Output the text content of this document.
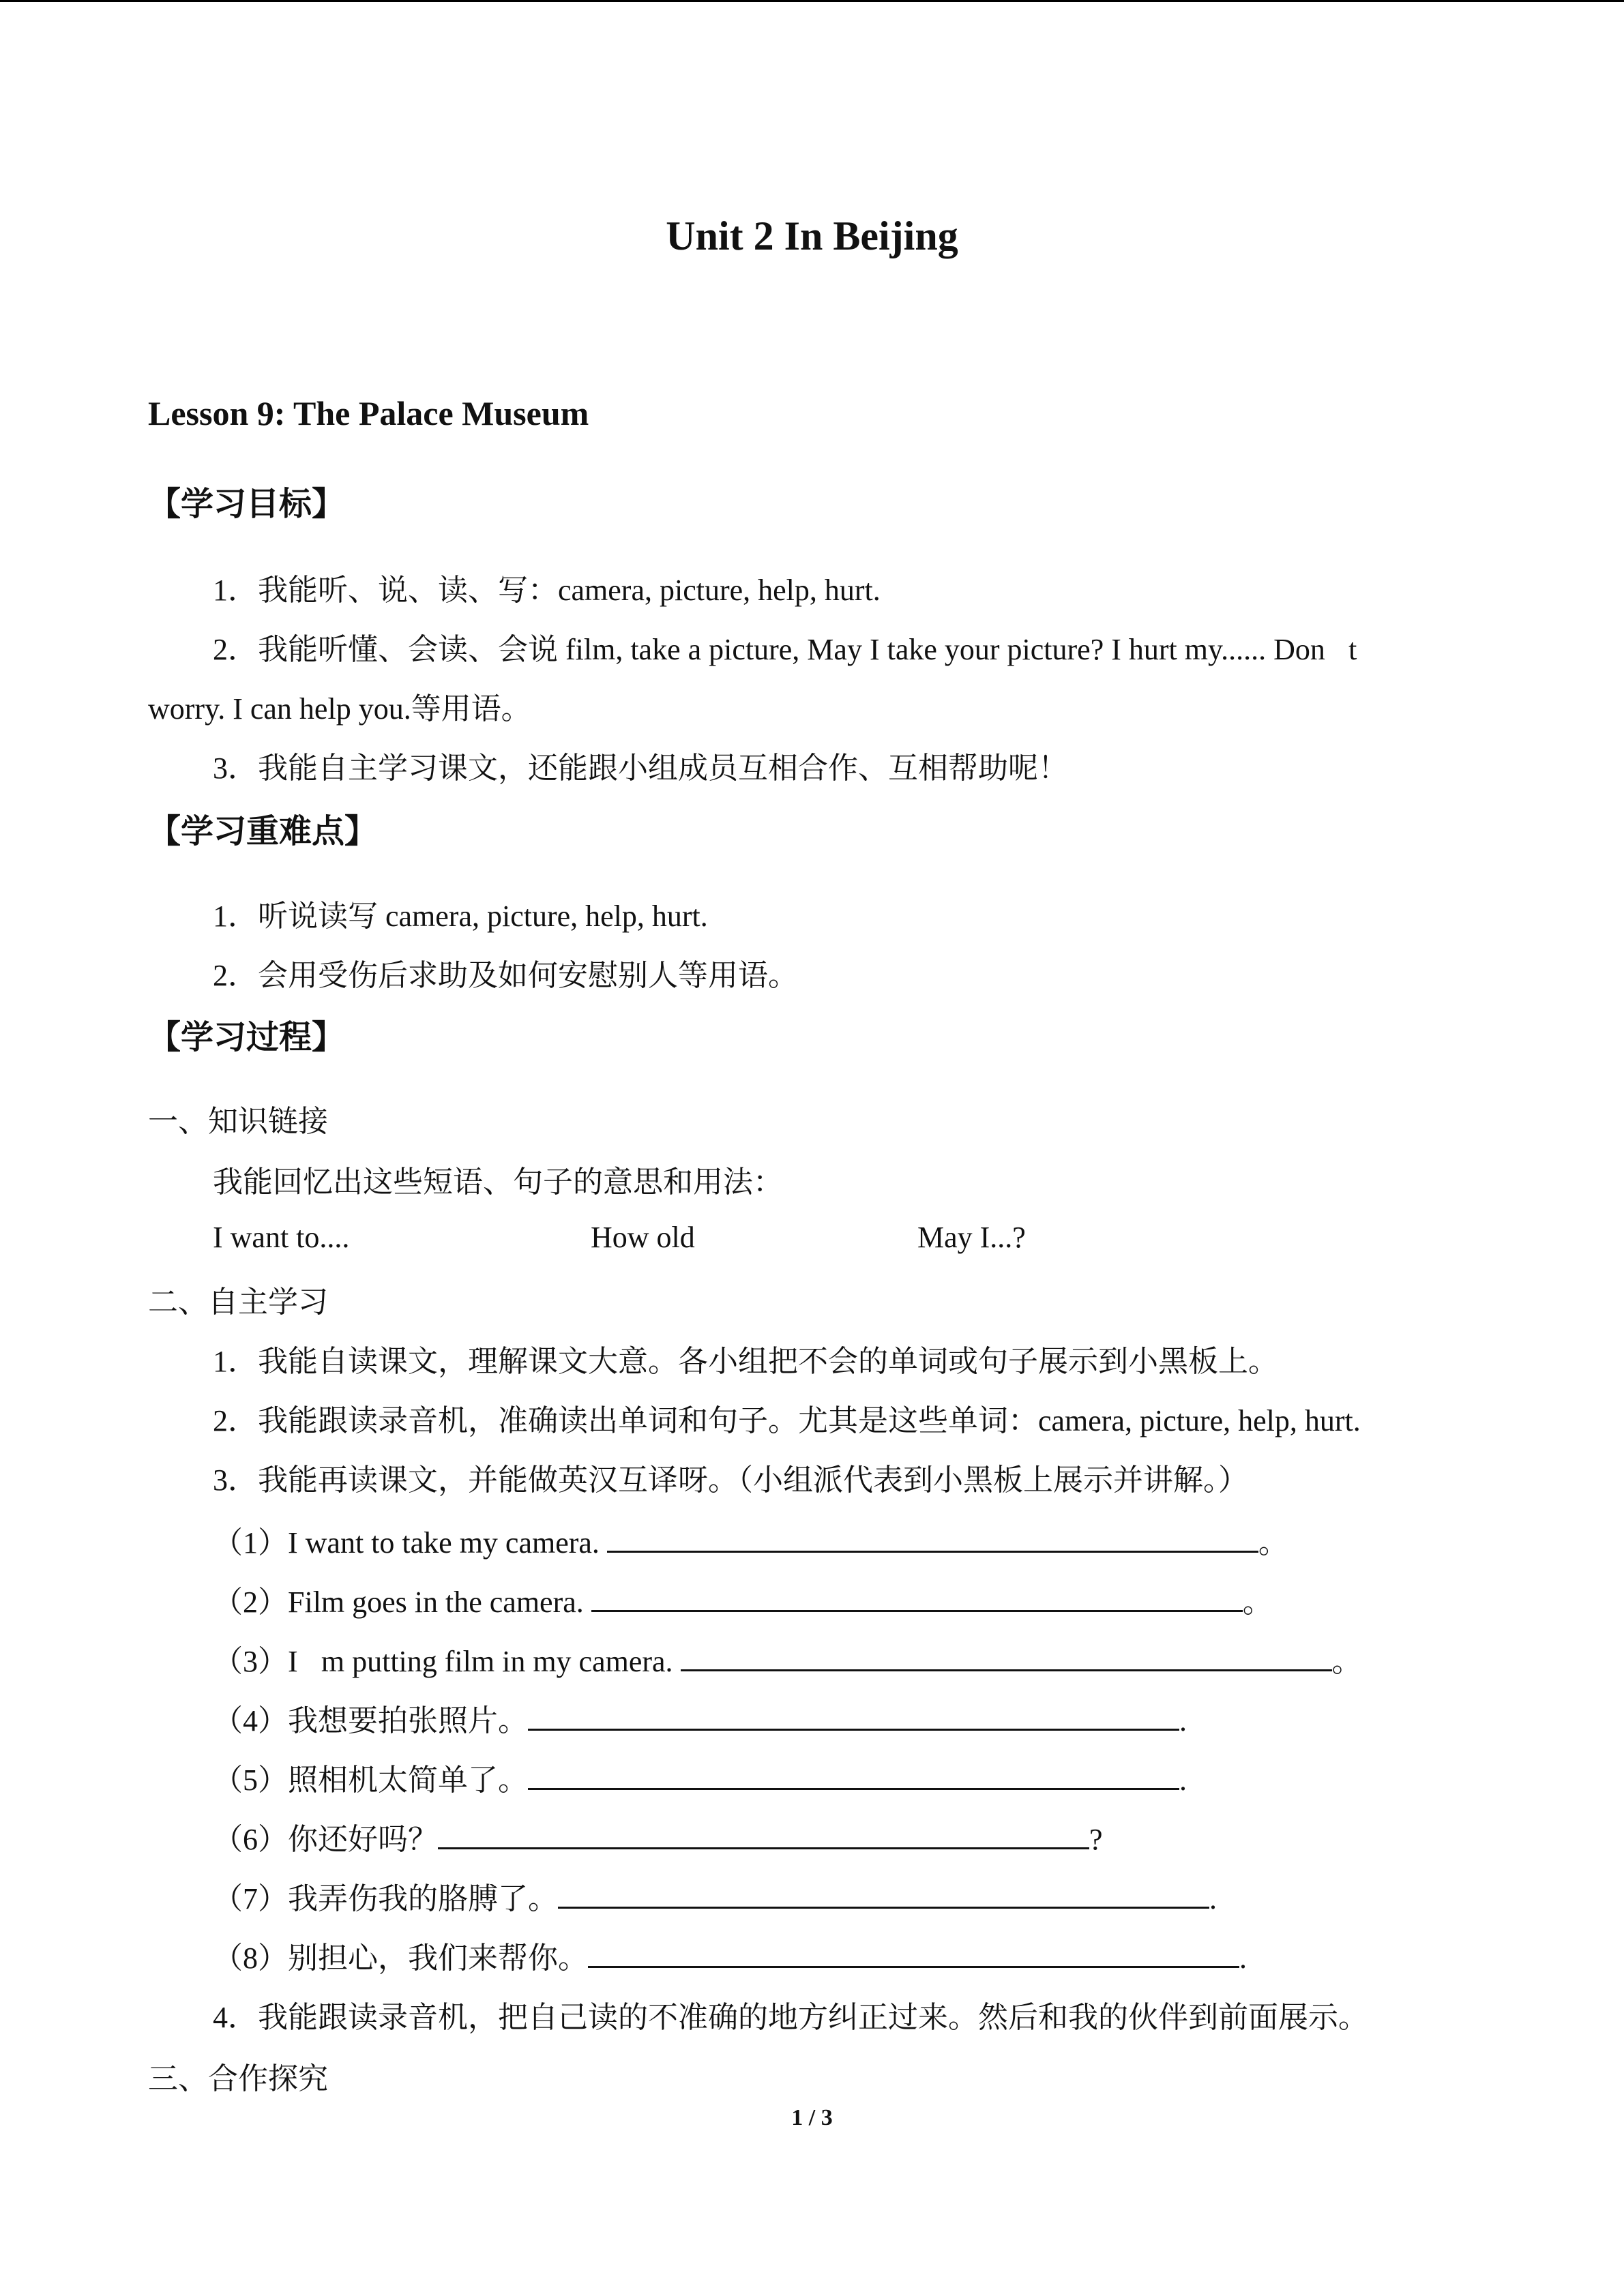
Unit 2 In Beijing
Lesson 9: The Palace Museum
【学习目标】
1．我能听、说、读、写：camera, picture, help, hurt.
2．我能听懂、会读、会说 film, take a picture, May I take your picture? I hurt my...... Don t
worry. I can help you.等用语。
3．我能自主学习课文，还能跟小组成员互相合作、互相帮助呢！
【学习重难点】
1．听说读写 camera, picture, help, hurt.
2．会用受伤后求助及如何安慰别人等用语。
【学习过程】
一、知识链接
我能回忆出这些短语、句子的意思和用法：
I want to....	How old	May I...?
二、自主学习
1．我能自读课文，理解课文大意。各小组把不会的单词或句子展示到小黑板上。
2．我能跟读录音机，准确读出单词和句子。尤其是这些单词：camera, picture, help, hurt.
3．我能再读课文，并能做英汉互译呀。（小组派代表到小黑板上展示并讲解。）
（1）I want to take my camera.	。
（2）Film goes in the camera.	。
（3）I m putting film in my camera.	。
（4）我想要拍张照片。	.
（5）照相机太简单了。	.
（6）你还好吗？	?
（7）我弄伤我的胳膊了。	.
（8）别担心，我们来帮你。	.
4．我能跟读录音机，把自己读的不准确的地方纠正过来。然后和我的伙伴到前面展示。
三、合作探究
1 / 3
